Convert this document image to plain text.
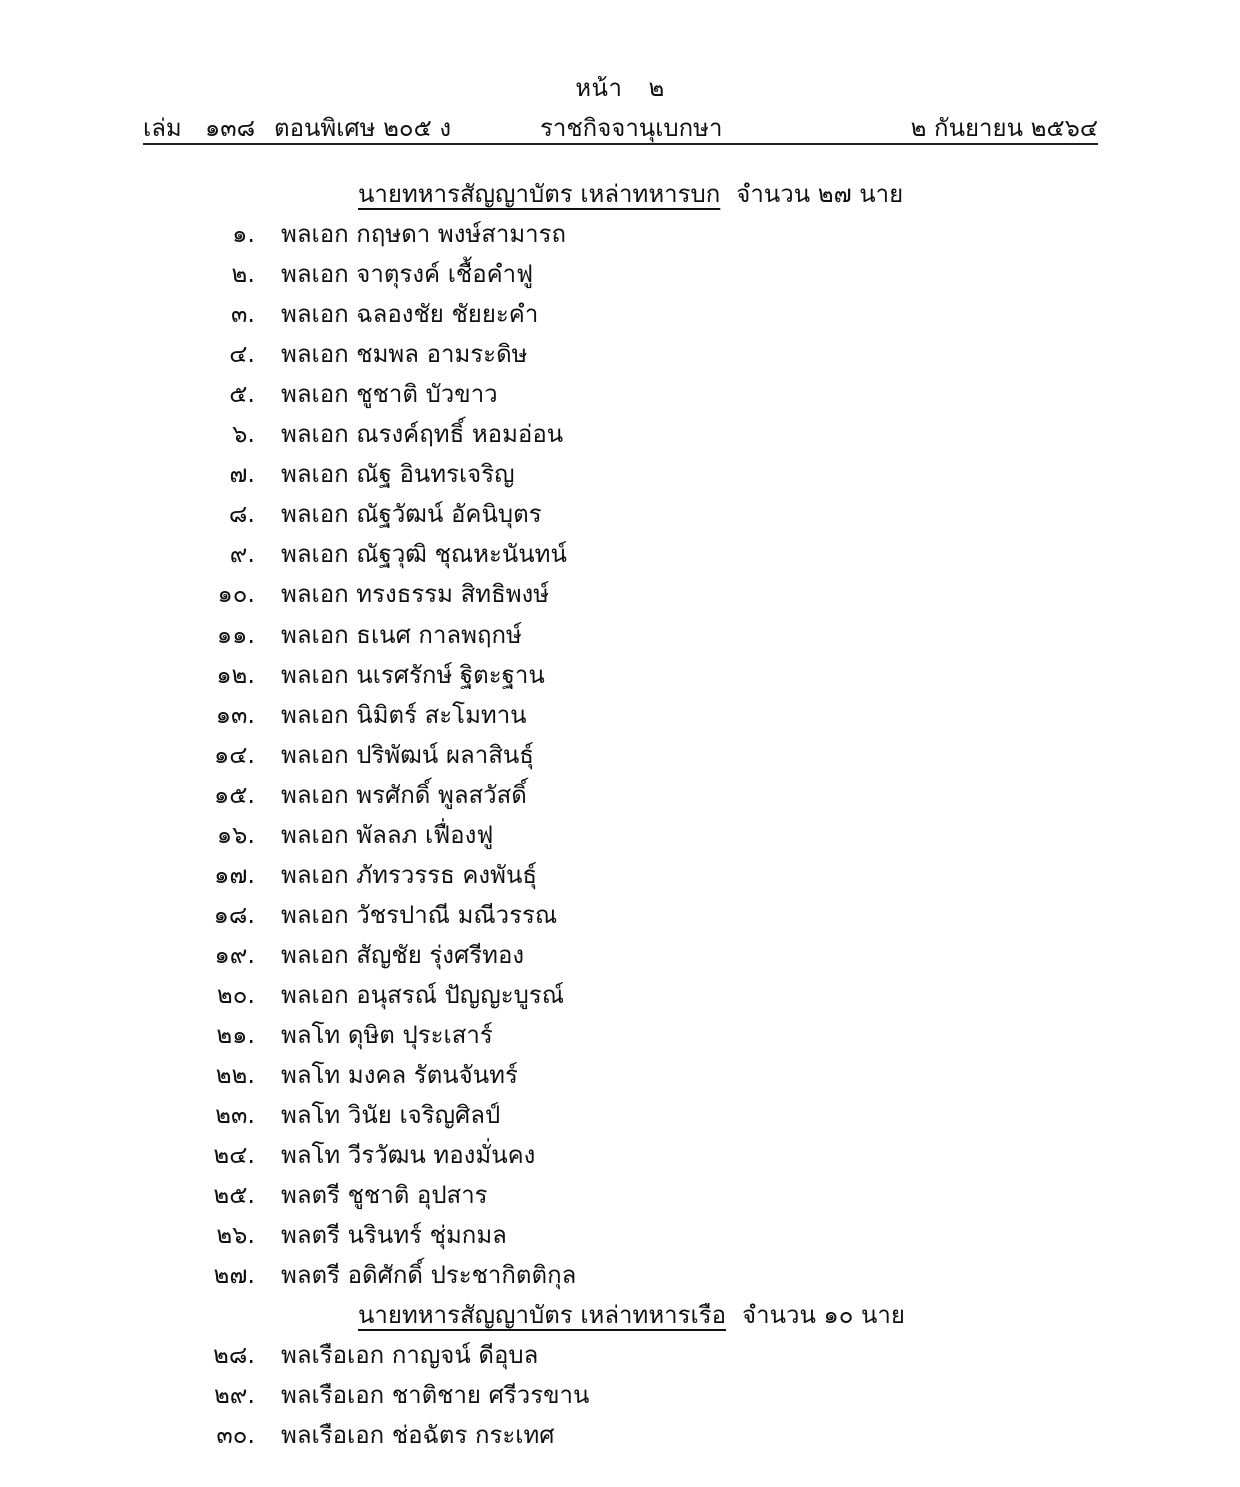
หน้า ๒
เล่ม ๑๓๘ ตอนพิเศษ ๒๐๕ ง	ราชกิจจานุเบกษา	๒ กันยายน ๒๕๖๔
นายทหารสัญญาบัตร เหล่าทหารบก จำนวน ๒๗ นาย
๑. พลเอก กฤษดา พงษ์สามารถ
๒. พลเอก จาตุรงค์ เชื้อคำฟู
๓. พลเอก ฉลองชัย ชัยยะคำ
๔. พลเอก ชมพล อามระดิษ
๕. พลเอก ชูชาติ บัวขาว
๖. พลเอก ณรงค์ฤทธิ์ หอมอ่อน
๗. พลเอก ณัฐ อินทรเจริญ
๘. พลเอก ณัฐวัฒน์ อัคนิบุตร
๙. พลเอก ณัฐวุฒิ ชุณหะนันทน์
๑๐. พลเอก ทรงธรรม สิทธิพงษ์
๑๑. พลเอก ธเนศ กาลพฤกษ์
๑๒. พลเอก นเรศรักษ์ ฐิตะฐาน
๑๓. พลเอก นิมิตร์ สะโมทาน
๑๔. พลเอก ปริพัฒน์ ผลาสินธุ์
๑๕. พลเอก พรศักดิ์ พูลสวัสดิ์
๑๖. พลเอก พัลลภ เฟื่องฟู
๑๗. พลเอก ภัทรวรรธ คงพันธุ์
๑๘. พลเอก วัชรปาณี มณีวรรณ
๑๙. พลเอก สัญชัย รุ่งศรีทอง
๒๐. พลเอก อนุสรณ์ ปัญญะบูรณ์
๒๑. พลโท ดุษิต ปุระเสาร์
๒๒. พลโท มงคล รัตนจันทร์
๒๓. พลโท วินัย เจริญศิลป์
๒๔. พลโท วีรวัฒน ทองมั่นคง
๒๕. พลตรี ชูชาติ อุปสาร
๒๖. พลตรี นรินทร์ ชุ่มกมล
๒๗. พลตรี อดิศักดิ์ ประชากิตติกุล
นายทหารสัญญาบัตร เหล่าทหารเรือ จำนวน ๑๐ นาย
๒๘. พลเรือเอก กาญจน์ ดีอุบล
๒๙. พลเรือเอก ชาติชาย ศรีวรขาน
๓๐. พลเรือเอก ช่อฉัตร กระเทศ
